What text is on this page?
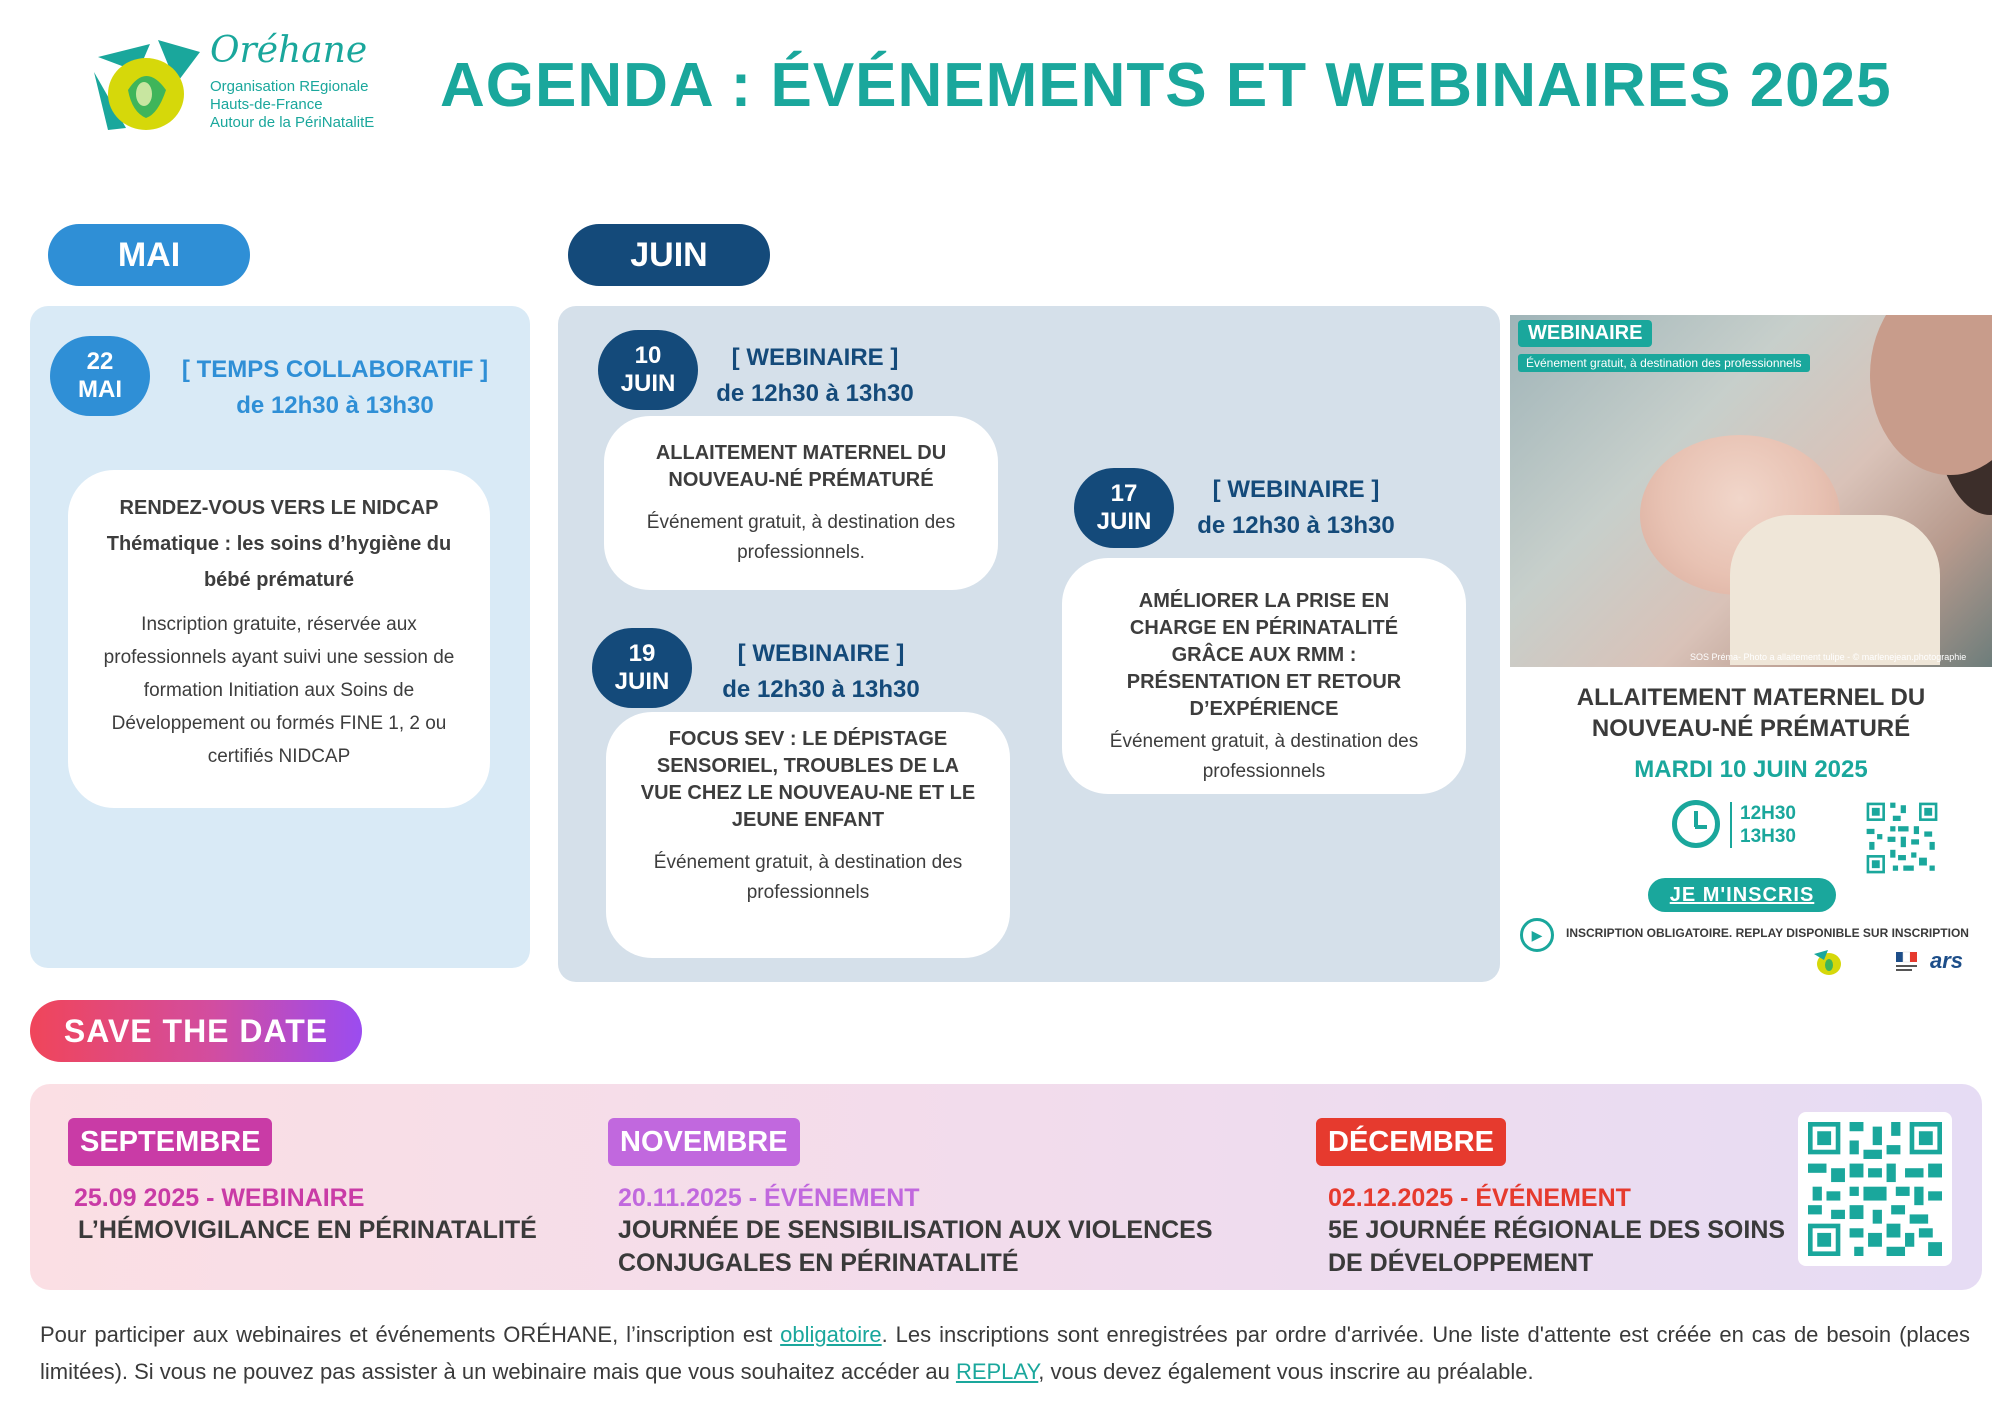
Oréhane
Organisation REgionale
Hauts-de-France
Autour de la PériNatalitE
AGENDA : ÉVÉNEMENTS ET WEBINAIRES 2025
MAI	JUIN
22
MAI
[ TEMPS COLLABORATIF ]
de 12h30 à 13h30
RENDEZ-VOUS VERS LE NIDCAP
Thématique : les soins d’hygiène du bébé prématuré
Inscription gratuite, réservée aux professionnels ayant suivi une session de formation Initiation aux Soins de Développement ou formés FINE 1, 2 ou certifiés NIDCAP
10
JUIN
[ WEBINAIRE ]
de 12h30 à 13h30
ALLAITEMENT MATERNEL DU NOUVEAU-NÉ PRÉMATURÉ
Événement gratuit, à destination des professionnels.
19
JUIN
[ WEBINAIRE ]
de 12h30 à 13h30
FOCUS SEV : LE DÉPISTAGE SENSORIEL, TROUBLES DE LA VUE CHEZ LE NOUVEAU-NE ET LE JEUNE ENFANT
Événement gratuit, à destination des professionnels
17
JUIN
[ WEBINAIRE ]
de 12h30 à 13h30
AMÉLIORER LA PRISE EN CHARGE EN PÉRINATALITÉ GRÂCE AUX RMM : PRÉSENTATION ET RETOUR D’EXPÉRIENCE
Événement gratuit, à destination des professionnels
WEBINAIRE
Événement gratuit, à destination des professionnels
SOS Préma- Photo a allaitement tulipe - © marlenejean.photographie
ALLAITEMENT MATERNEL DU NOUVEAU-NÉ PRÉMATURÉ
MARDI 10 JUIN 2025
12H30
13H30
JE M'INSCRIS
▶	INSCRIPTION OBLIGATOIRE. REPLAY DISPONIBLE SUR INSCRIPTION
ars
SAVE THE DATE
SEPTEMBRE
25.09 2025 - WEBINAIRE
L’HÉMOVIGILANCE EN PÉRINATALITÉ
NOVEMBRE
20.11.2025 - ÉVÉNEMENT
JOURNÉE DE SENSIBILISATION AUX VIOLENCES CONJUGALES EN PÉRINATALITÉ
DÉCEMBRE
02.12.2025 - ÉVÉNEMENT
5E JOURNÉE RÉGIONALE DES SOINS DE DÉVELOPPEMENT

Pour participer aux webinaires et événements ORÉHANE, l’inscription est obligatoire. Les inscriptions sont enregistrées par ordre d'arrivée. Une liste d'attente est créée en cas de besoin (places limitées). Si vous ne pouvez pas assister à un webinaire mais que vous souhaitez accéder au REPLAY, vous devez également vous inscrire au préalable.
